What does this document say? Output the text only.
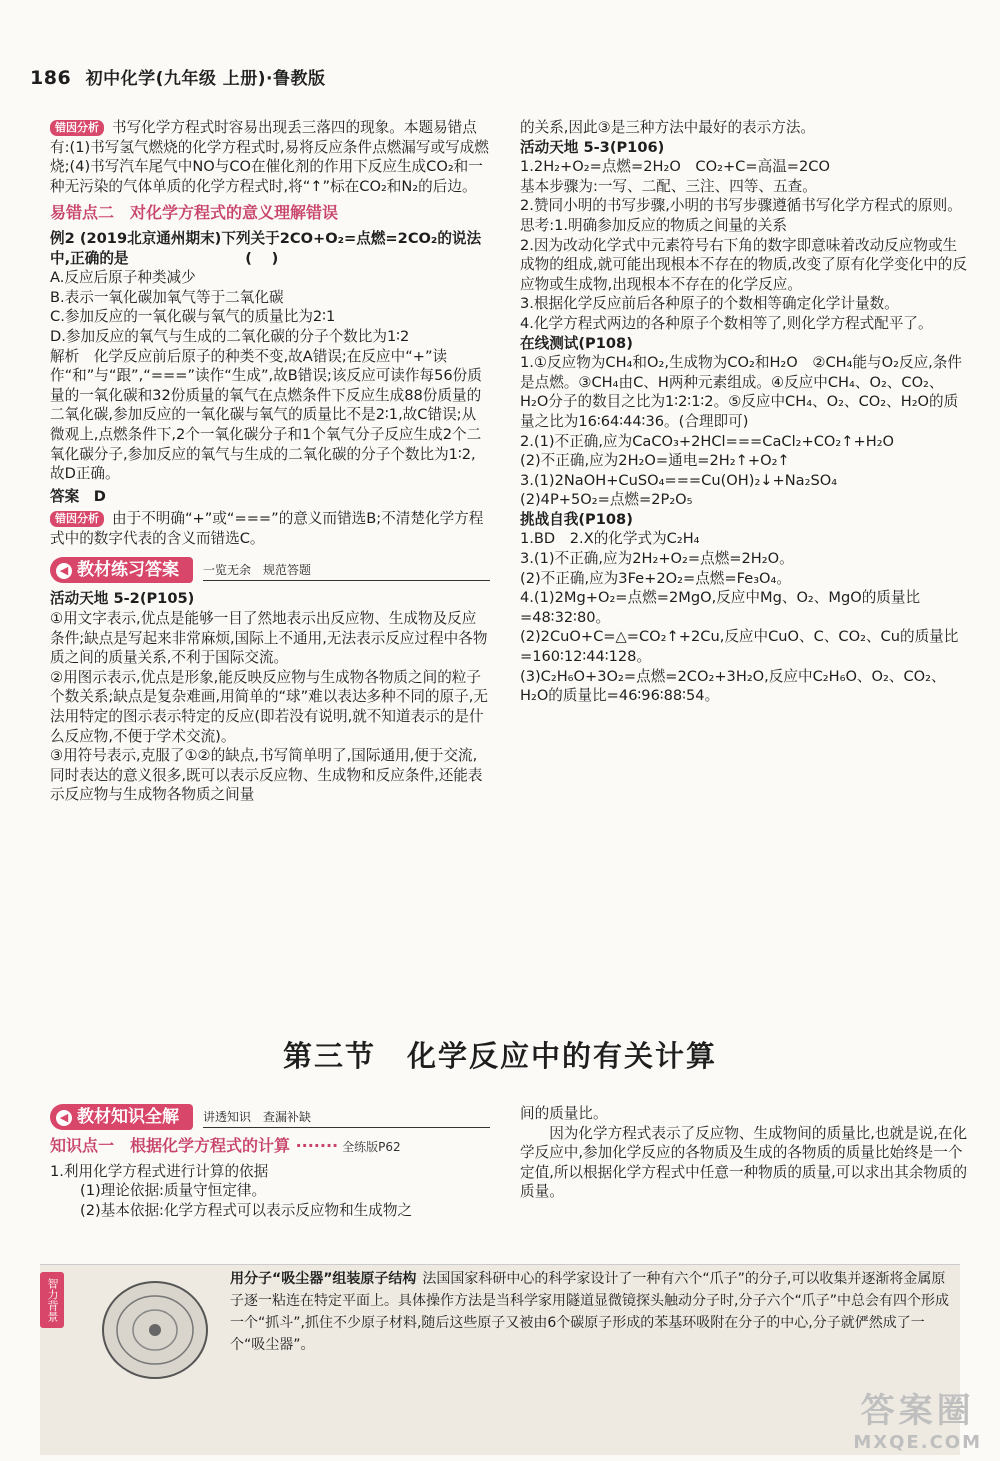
186 初中化学(九年级 上册)·鲁教版

错因分析 书写化学方程式时容易出现丢三落四的现象。本题易错点有:(1)书写氢气燃烧的化学方程式时,易将反应条件点燃漏写或写成燃烧;(4)书写汽车尾气中NO与CO在催化剂的作用下反应生成CO₂和一种无污染的气体单质的化学方程式时,将“↑”标在CO₂和N₂的后边。

易错点二　对化学方程式的意义理解错误

例2 (2019北京通州期末)下列关于2CO+O₂=点燃=2CO₂的说法中,正确的是　　　　　　　　( 　)

A.反应后原子种类减少

B.表示一氧化碳加氧气等于二氧化碳

C.参加反应的一氧化碳与氧气的质量比为2∶1

D.参加反应的氧气与生成的二氧化碳的分子个数比为1∶2

解析　化学反应前后原子的种类不变,故A错误;在反应中“+”读作“和”与“跟”,“===”读作“生成”,故B错误;该反应可读作每56份质量的一氧化碳和32份质量的氧气在点燃条件下反应生成88份质量的二氧化碳,参加反应的一氧化碳与氧气的质量比不是2∶1,故C错误;从微观上,点燃条件下,2个一氧化碳分子和1个氧气分子反应生成2个二氧化碳分子,参加反应的氧气与生成的二氧化碳的分子个数比为1∶2,故D正确。

答案　D

错因分析 由于不明确“+”或“===”的意义而错选B;不清楚化学方程式中的数字代表的含义而错选C。

◀ 教材练习答案	一览无余　规范答题

活动天地 5-2(P105)

①用文字表示,优点是能够一目了然地表示出反应物、生成物及反应条件;缺点是写起来非常麻烦,国际上不通用,无法表示反应过程中各物质之间的质量关系,不利于国际交流。

②用图示表示,优点是形象,能反映反应物与生成物各物质之间的粒子个数关系;缺点是复杂难画,用简单的“球”难以表达多种不同的原子,无法用特定的图示表示特定的反应(即若没有说明,就不知道表示的是什么反应物,不便于学术交流)。

③用符号表示,克服了①②的缺点,书写简单明了,国际通用,便于交流,同时表达的意义很多,既可以表示反应物、生成物和反应条件,还能表示反应物与生成物各物质之间量

的关系,因此③是三种方法中最好的表示方法。

活动天地 5-3(P106)

1.2H₂+O₂=点燃=2H₂O　CO₂+C=高温=2CO

基本步骤为:一写、二配、三注、四等、五查。

2.赞同小明的书写步骤,小明的书写步骤遵循书写化学方程式的原则。

思考:1.明确参加反应的物质之间量的关系

2.因为改动化学式中元素符号右下角的数字即意味着改动反应物或生成物的组成,就可能出现根本不存在的物质,改变了原有化学变化中的反应物或生成物,出现根本不存在的化学反应。

3.根据化学反应前后各种原子的个数相等确定化学计量数。

4.化学方程式两边的各种原子个数相等了,则化学方程式配平了。

在线测试(P108)

1.①反应物为CH₄和O₂,生成物为CO₂和H₂O　②CH₄能与O₂反应,条件是点燃。③CH₄由C、H两种元素组成。④反应中CH₄、O₂、CO₂、H₂O分子的数目之比为1∶2∶1∶2。⑤反应中CH₄、O₂、CO₂、H₂O的质量之比为16∶64∶44∶36。(合理即可)

2.(1)不正确,应为CaCO₃+2HCl===CaCl₂+CO₂↑+H₂O

(2)不正确,应为2H₂O=通电=2H₂↑+O₂↑

3.(1)2NaOH+CuSO₄===Cu(OH)₂↓+Na₂SO₄

(2)4P+5O₂=点燃=2P₂O₅

挑战自我(P108)

1.BD　2.X的化学式为C₂H₄

3.(1)不正确,应为2H₂+O₂=点燃=2H₂O。

(2)不正确,应为3Fe+2O₂=点燃=Fe₃O₄。

4.(1)2Mg+O₂=点燃=2MgO,反应中Mg、O₂、MgO的质量比=48∶32∶80。

(2)2CuO+C=△=CO₂↑+2Cu,反应中CuO、C、CO₂、Cu的质量比=160∶12∶44∶128。

(3)C₂H₆O+3O₂=点燃=2CO₂+3H₂O,反应中C₂H₆O、O₂、CO₂、H₂O的质量比=46∶96∶88∶54。

第三节　化学反应中的有关计算
◀ 教材知识全解	讲透知识　查漏补缺
知识点一　根据化学方程式的计算 ······· 全练版P62

1.利用化学方程式进行计算的依据

(1)理论依据:质量守恒定律。

(2)基本依据:化学方程式可以表示反应物和生成物之

间的质量比。

　　因为化学方程式表示了反应物、生成物间的质量比,也就是说,在化学反应中,参加化学反应的各物质及生成的各物质的质量比始终是一个定值,所以根据化学方程式中任意一种物质的质量,可以求出其余物质的质量。

智力背景	用分子“吸尘器”组装原子结构 法国国家科研中心的科学家设计了一种有六个“爪子”的分子,可以收集并逐渐将金属原子逐一粘连在特定平面上。具体操作方法是当科学家用隧道显微镜探头触动分子时,分子六个“爪子”中总会有四个形成一个“抓斗”,抓住不少原子材料,随后这些原子又被由6个碳原子形成的苯基环吸附在分子的中心,分子就俨然成了一个“吸尘器”。
答案圈
MXQE.COM
